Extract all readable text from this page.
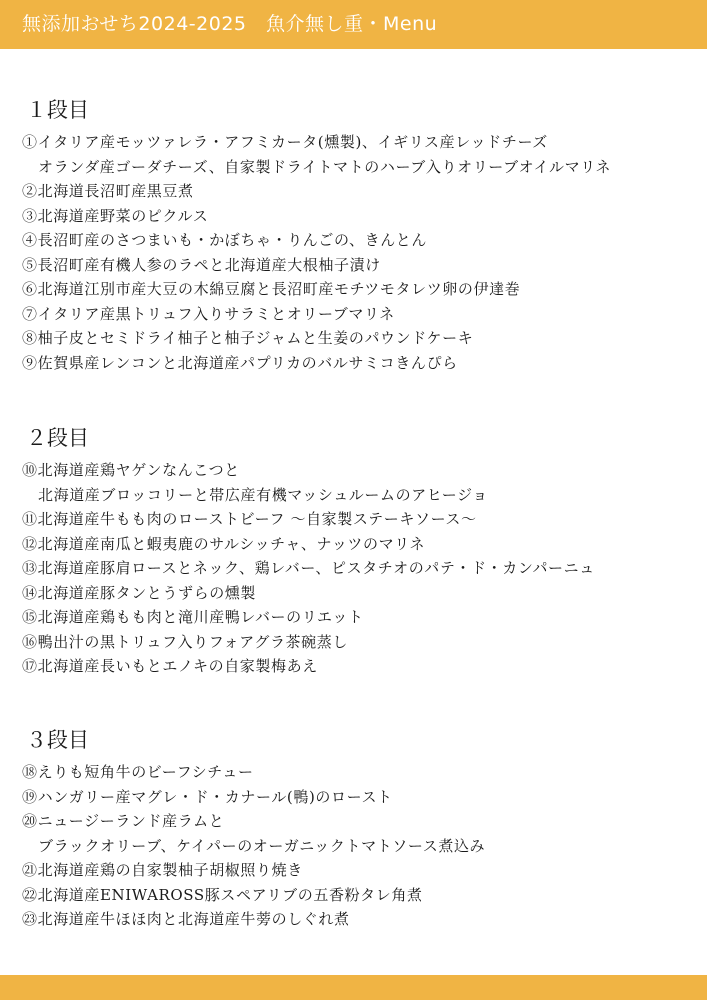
無添加おせち2024-2025　魚介無し重・Menu
１段目
①イタリア産モッツァレラ・アフミカータ(燻製)、イギリス産レッドチーズ
オランダ産ゴーダチーズ、自家製ドライトマトのハーブ入りオリーブオイルマリネ
②北海道長沼町産黒豆煮
③北海道産野菜のピクルス
④長沼町産のさつまいも・かぼちゃ・りんごの、きんとん
⑤長沼町産有機人参のラペと北海道産大根柚子漬け
⑥北海道江別市産大豆の木綿豆腐と長沼町産モチツモタレツ卵の伊達巻
⑦イタリア産黒トリュフ入りサラミとオリーブマリネ
⑧柚子皮とセミドライ柚子と柚子ジャムと生姜のパウンドケーキ
⑨佐賀県産レンコンと北海道産パプリカのバルサミコきんぴら
２段目
⑩北海道産鶏ヤゲンなんこつと
北海道産ブロッコリーと帯広産有機マッシュルームのアヒージョ
⑪北海道産牛もも肉のローストビーフ ～自家製ステーキソース～
⑫北海道産南瓜と蝦夷鹿のサルシッチャ、ナッツのマリネ
⑬北海道産豚肩ロースとネック、鶏レバー、ピスタチオのパテ・ド・カンパーニュ
⑭北海道産豚タンとうずらの燻製
⑮北海道産鶏もも肉と滝川産鴨レバーのリエット
⑯鴨出汁の黒トリュフ入りフォアグラ茶碗蒸し
⑰北海道産長いもとエノキの自家製梅あえ
３段目
⑱えりも短角牛のビーフシチュー
⑲ハンガリー産マグレ・ド・カナール(鴨)のロースト
⑳ニュージーランド産ラムと
ブラックオリーブ、ケイパーのオーガニックトマトソース煮込み
㉑北海道産鶏の自家製柚子胡椒照り焼き
㉒北海道産ENIWAROSS豚スペアリブの五香粉タレ角煮
㉓北海道産牛ほほ肉と北海道産牛蒡のしぐれ煮
